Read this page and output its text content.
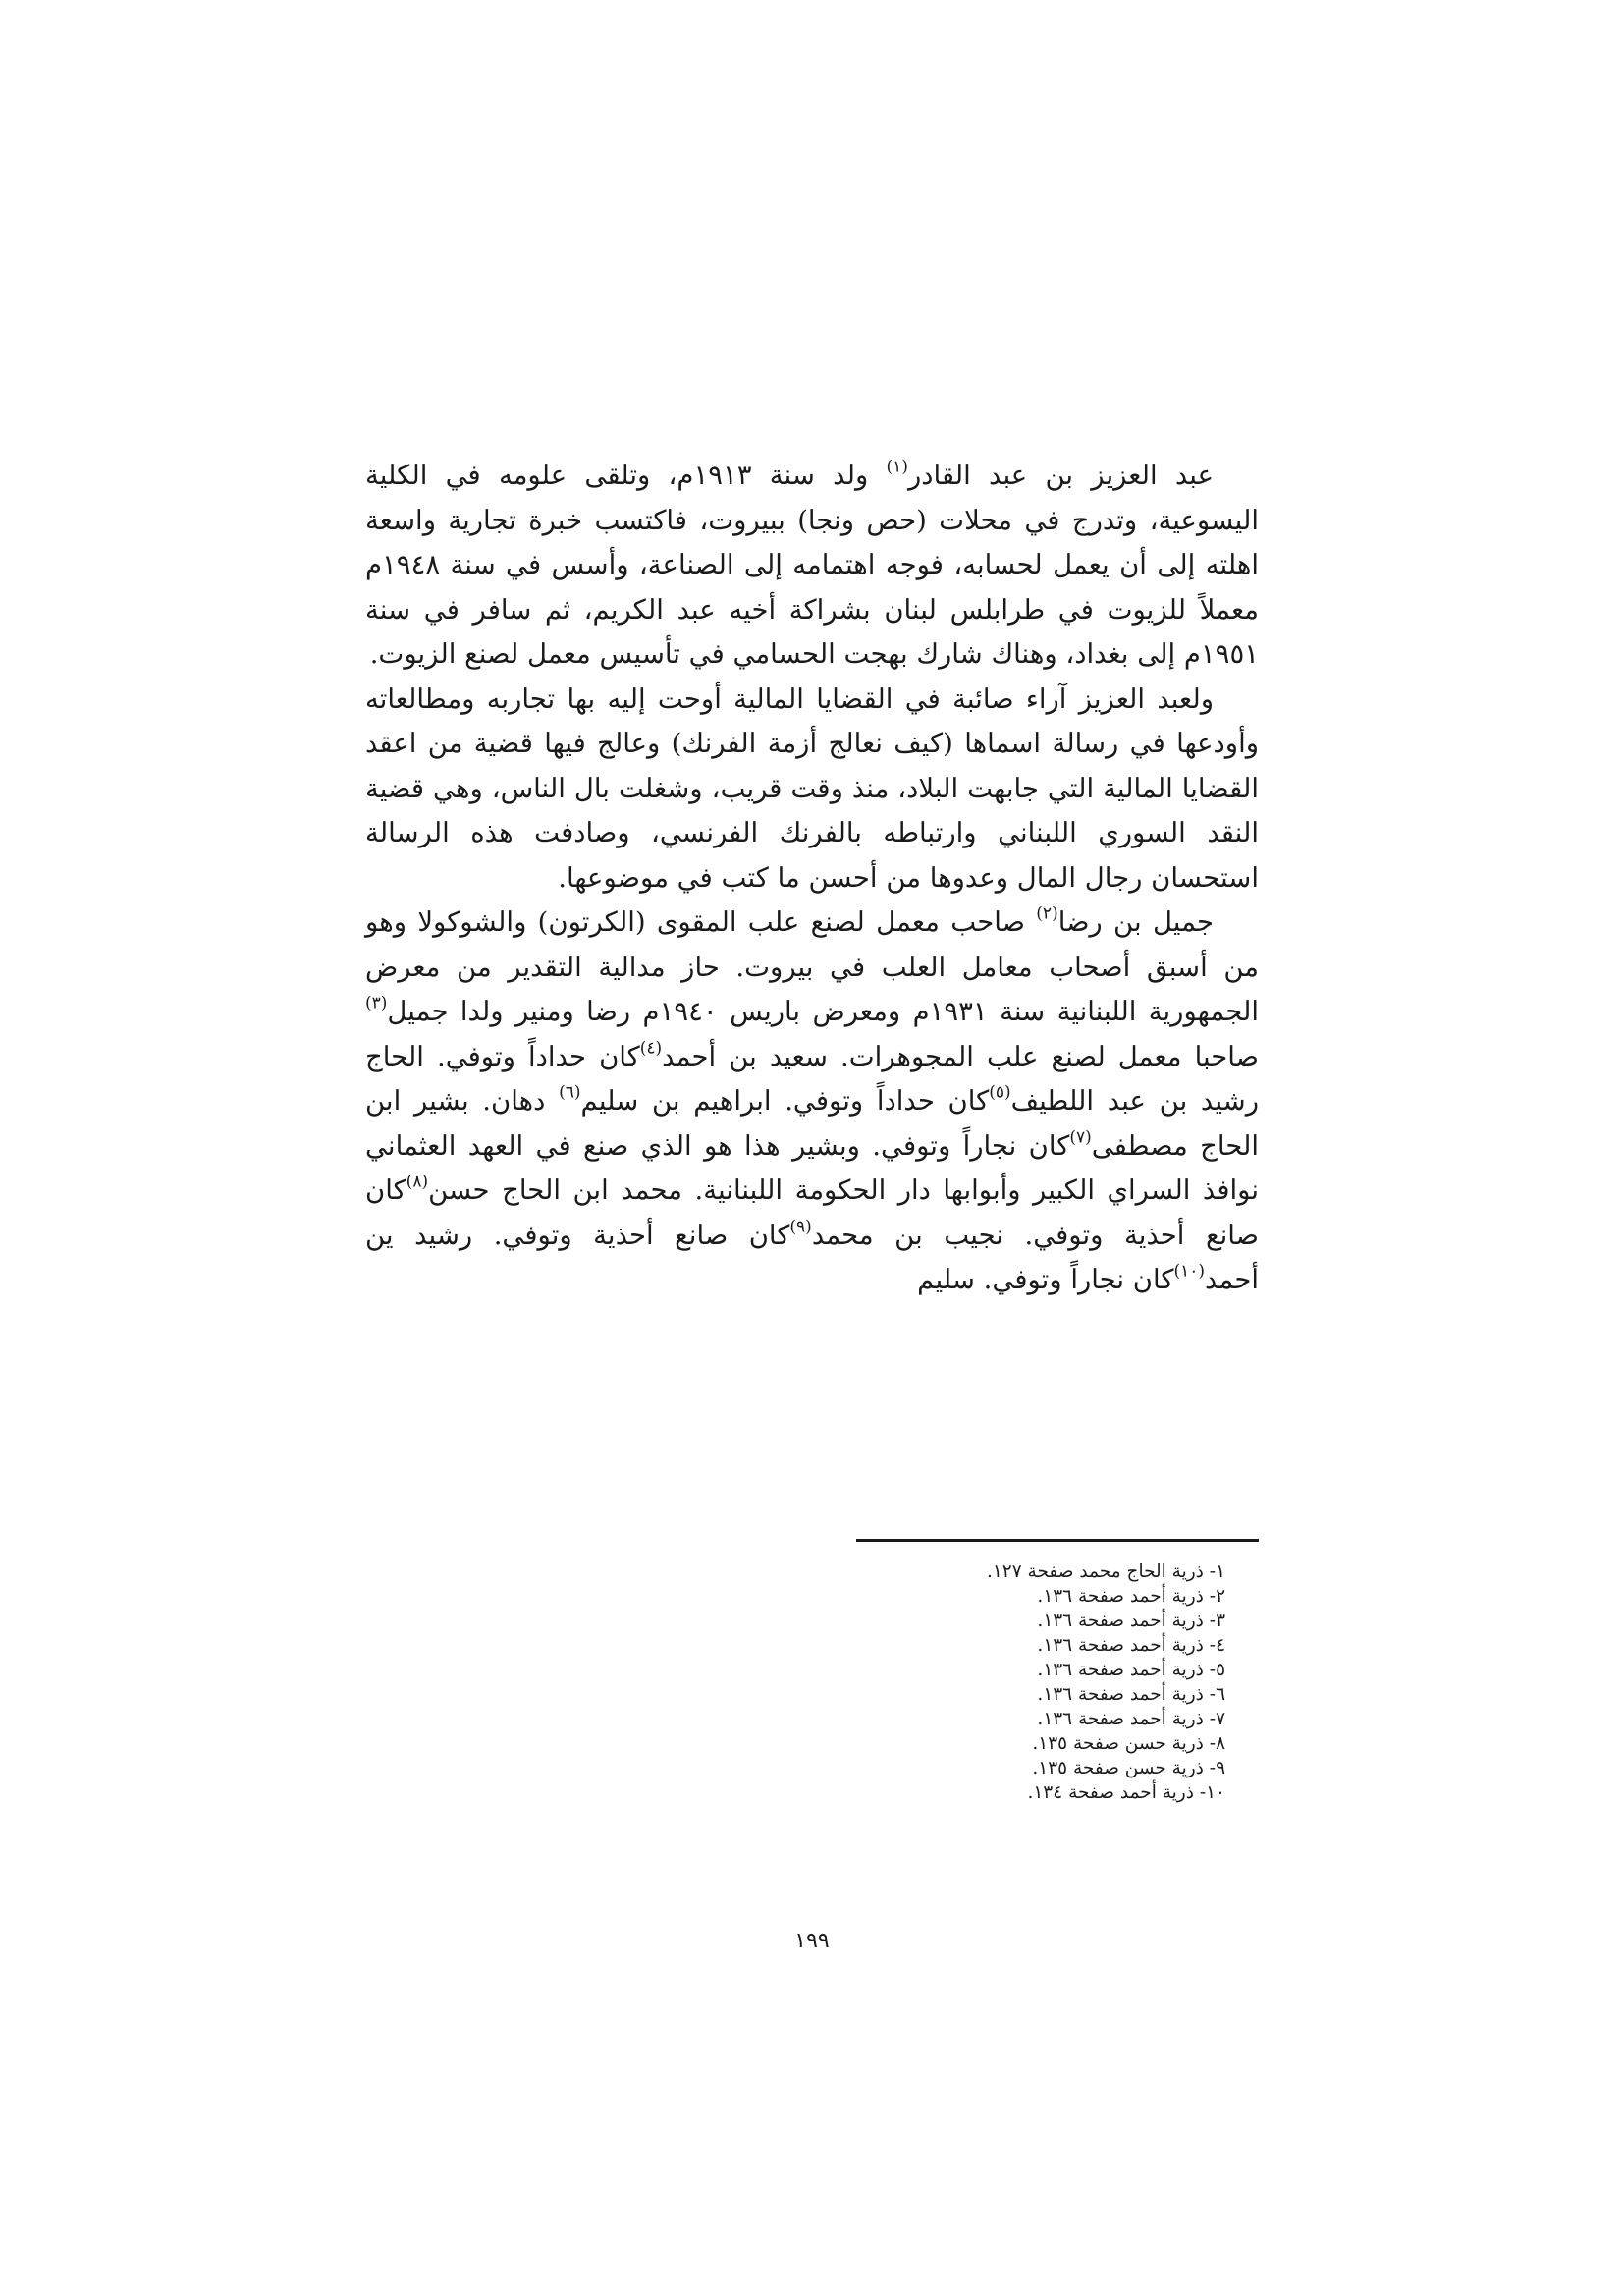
عبد العزيز بن عبد القادر$^{(١)}$ ولد سنة ١٩١٣م، وتلقى علومه في الكلية اليسوعية، وتدرج في محلات (حص ونجا) ببيروت، فاكتسب خبرة تجارية واسعة اهلته إلى أن يعمل لحسابه، فوجه اهتمامه إلى الصناعة، وأسس في سنة ١٩٤٨م معملاً للزيوت في طرابلس لبنان بشراكة أخيه عبد الكريم، ثم سافر في سنة ١٩٥١م إلى بغداد، وهناك شارك بهجت الحسامي في تأسيس معمل لصنع الزيوت.

ولعبد العزيز آراء صائبة في القضايا المالية أوحت إليه بها تجاربه ومطالعاته وأودعها في رسالة اسماها (كيف نعالج أزمة الفرنك) وعالج فيها قضية من اعقد القضايا المالية التي جابهت البلاد، منذ وقت قريب، وشغلت بال الناس، وهي قضية النقد السوري اللبناني وارتباطه بالفرنك الفرنسي، وصادفت هذه الرسالة استحسان رجال المال وعدوها من أحسن ما كتب في موضوعها.

جميل بن رضا$^{(٢)}$ صاحب معمل لصنع علب المقوى (الكرتون) والشوكولا وهو من أسبق أصحاب معامل العلب في بيروت. حاز مدالية التقدير من معرض الجمهورية اللبنانية سنة ١٩٣١م ومعرض باريس ١٩٤٠م رضا ومنير ولدا جميل$^{(٣)}$ صاحبا معمل لصنع علب المجوهرات. سعيد بن أحمد$^{(٤)}$كان حداداً وتوفي. الحاج رشيد بن عبد اللطيف$^{(٥)}$كان حداداً وتوفي. ابراهيم بن سليم$^{(٦)}$ دهان. بشير ابن الحاج مصطفى$^{(٧)}$كان نجاراً وتوفي. وبشير هذا هو الذي صنع في العهد العثماني نوافذ السراي الكبير وأبوابها دار الحكومة اللبنانية. محمد ابن الحاج حسن$^{(٨)}$كان صانع أحذية وتوفي. نجيب بن محمد$^{(٩)}$كان صانع أحذية وتوفي. رشيد ين أحمد$^{(١٠)}$كان نجاراً وتوفي. سليم

١- ذرية الحاج محمد صفحة ١٢٧.
٢- ذرية أحمد صفحة ١٣٦.
٣- ذرية أحمد صفحة ١٣٦.
٤- ذرية أحمد صفحة ١٣٦.
٥- ذرية أحمد صفحة ١٣٦.
٦- ذرية أحمد صفحة ١٣٦.
٧- ذرية أحمد صفحة ١٣٦.
٨- ذرية حسن صفحة ١٣٥.
٩- ذرية حسن صفحة ١٣٥.
١٠- ذرية أحمد صفحة ١٣٤.
١٩٩
